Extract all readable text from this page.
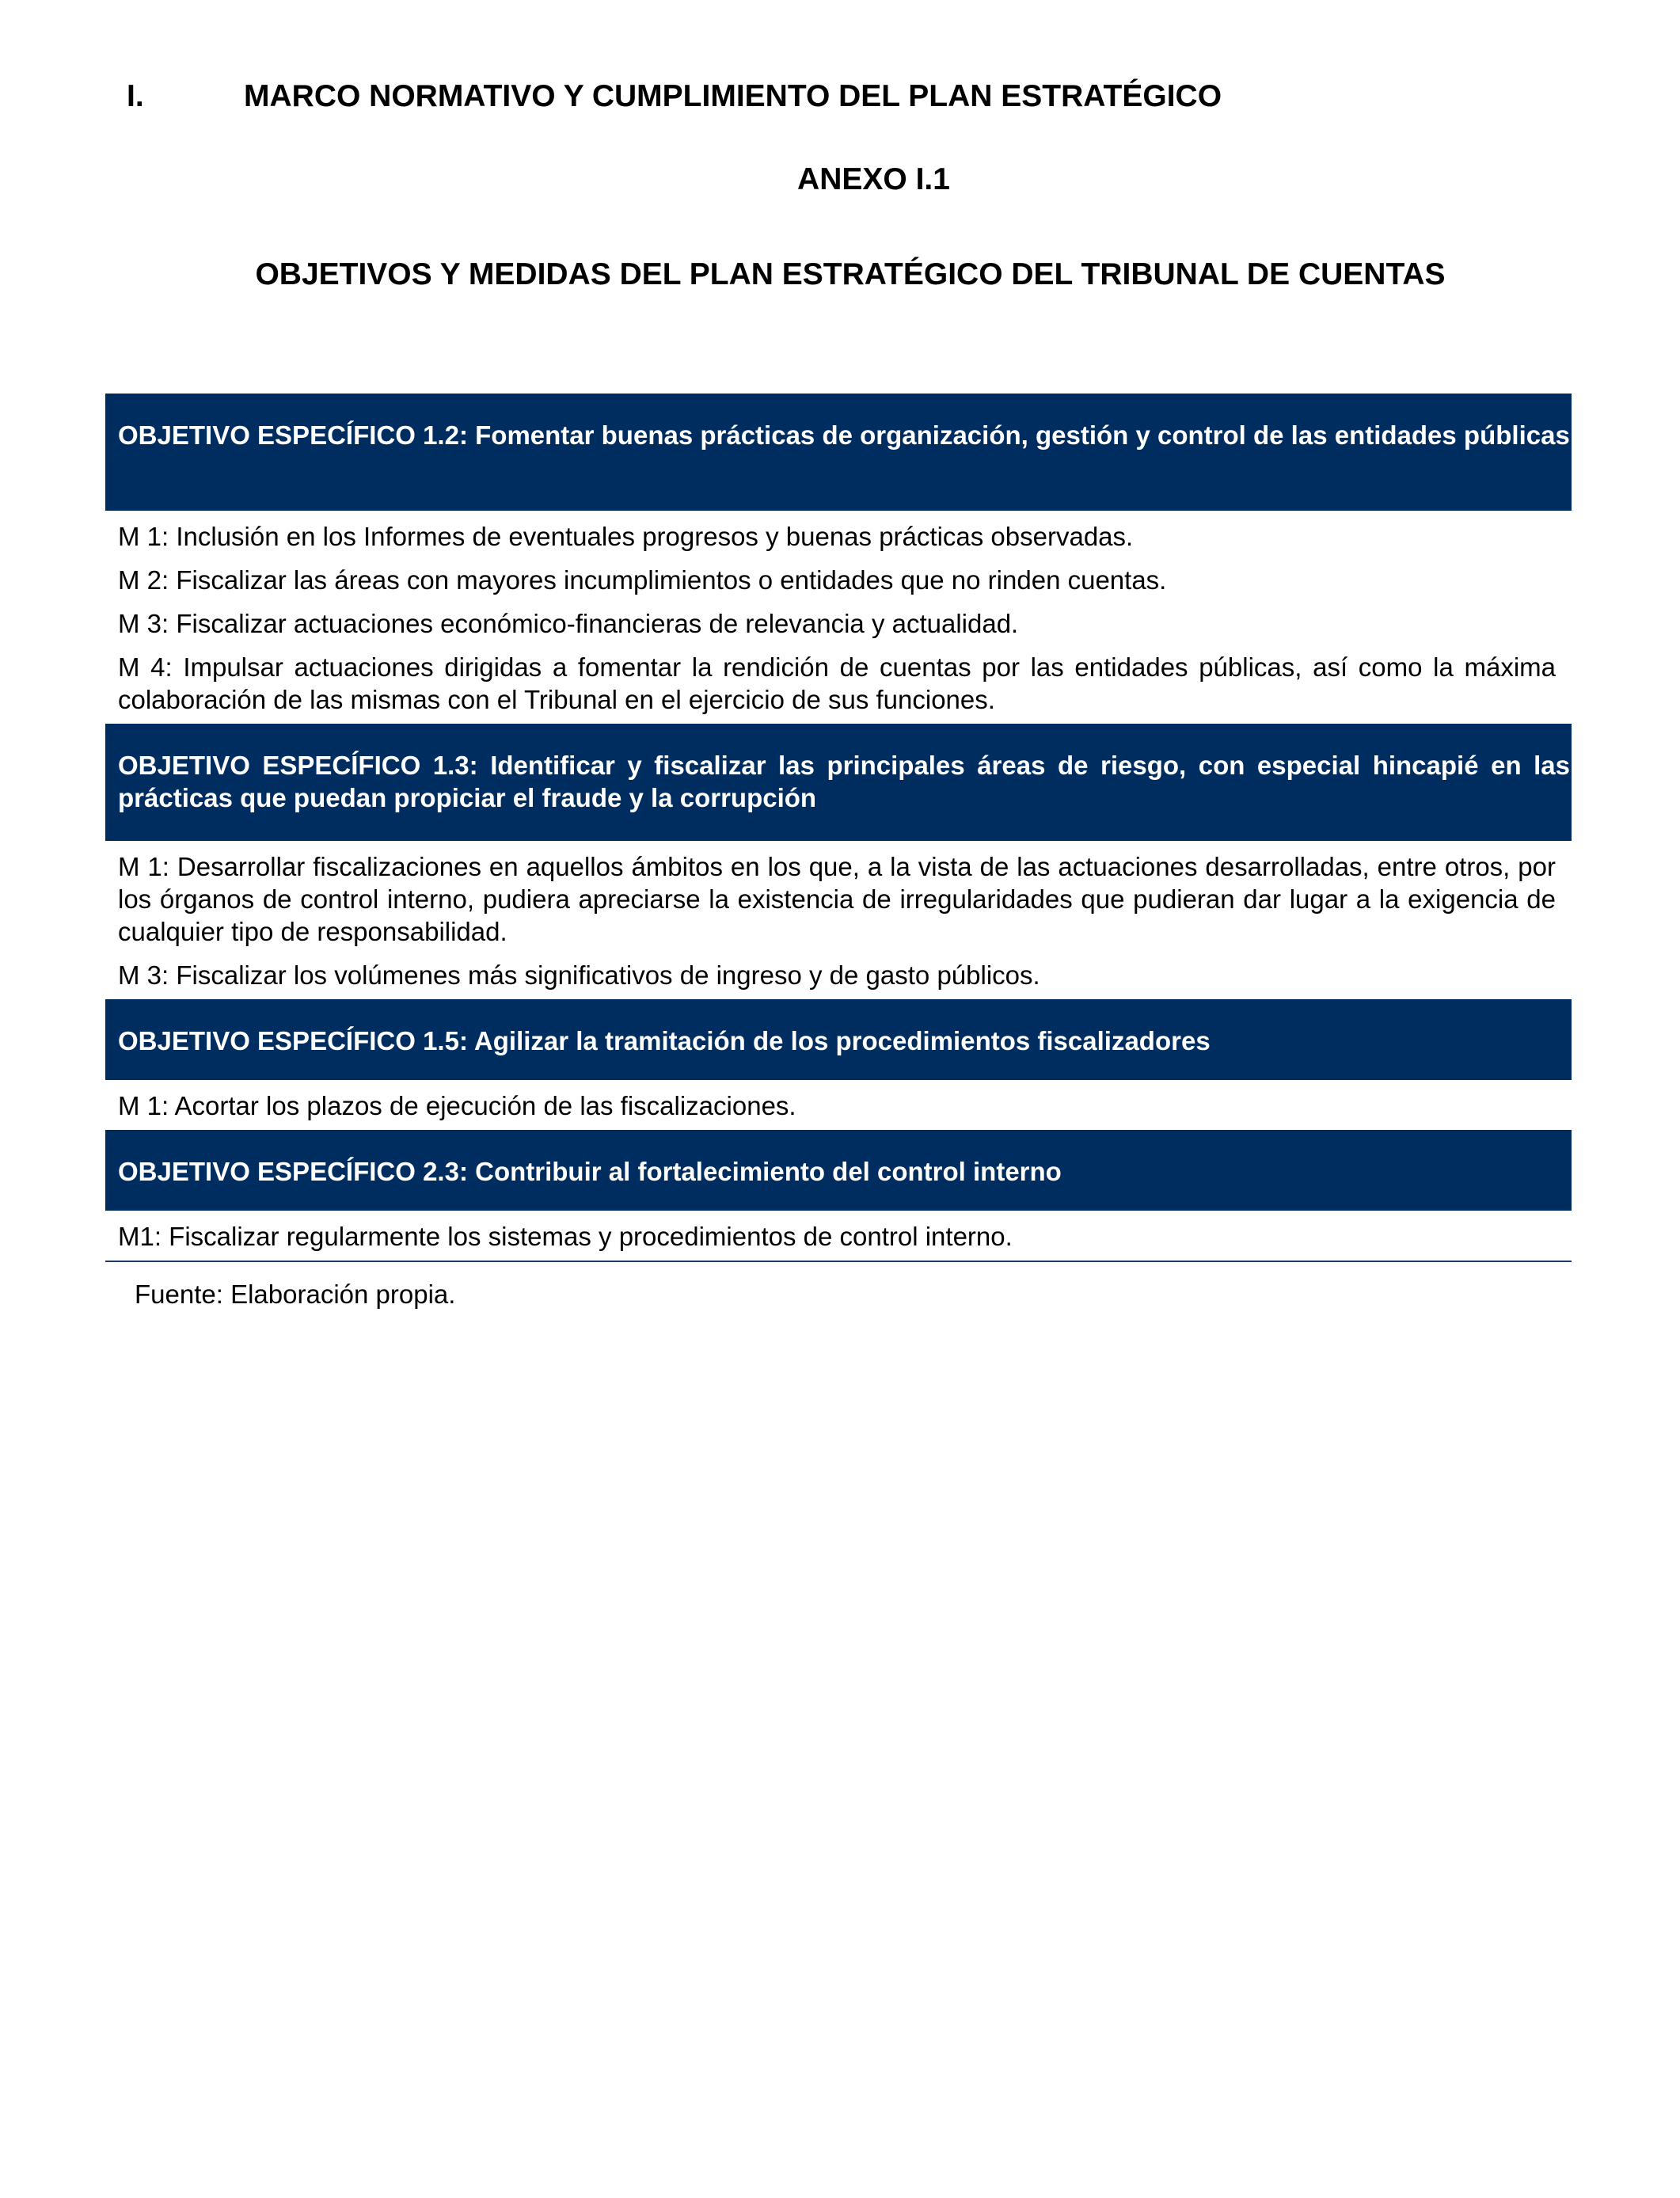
I.	MARCO NORMATIVO Y CUMPLIMIENTO DEL PLAN ESTRATÉGICO
ANEXO I.1
OBJETIVOS Y MEDIDAS DEL PLAN ESTRATÉGICO DEL TRIBUNAL DE CUENTAS
OBJETIVO ESPECÍFICO 1.2: Fomentar buenas prácticas de organización, gestión y control de las entidades públicas
M 1: Inclusión en los Informes de eventuales progresos y buenas prácticas observadas.
M 2: Fiscalizar las áreas con mayores incumplimientos o entidades que no rinden cuentas.
M 3: Fiscalizar actuaciones económico-financieras de relevancia y actualidad.
M 4: Impulsar actuaciones dirigidas a fomentar la rendición de cuentas por las entidades públicas, así como la máxima colaboración de las mismas con el Tribunal en el ejercicio de sus funciones.
OBJETIVO ESPECÍFICO 1.3: Identificar y fiscalizar las principales áreas de riesgo, con especial hincapié en las prácticas que puedan propiciar el fraude y la corrupción
M 1: Desarrollar fiscalizaciones en aquellos ámbitos en los que, a la vista de las actuaciones desarrolladas, entre otros, por los órganos de control interno, pudiera apreciarse la existencia de irregularidades que pudieran dar lugar a la exigencia de cualquier tipo de responsabilidad.
M 3: Fiscalizar los volúmenes más significativos de ingreso y de gasto públicos.
OBJETIVO ESPECÍFICO 1.5: Agilizar la tramitación de los procedimientos fiscalizadores
M 1: Acortar los plazos de ejecución de las fiscalizaciones.
OBJETIVO ESPECÍFICO 2.3: Contribuir al fortalecimiento del control interno
M1: Fiscalizar regularmente los sistemas y procedimientos de control interno.
Fuente: Elaboración propia.
